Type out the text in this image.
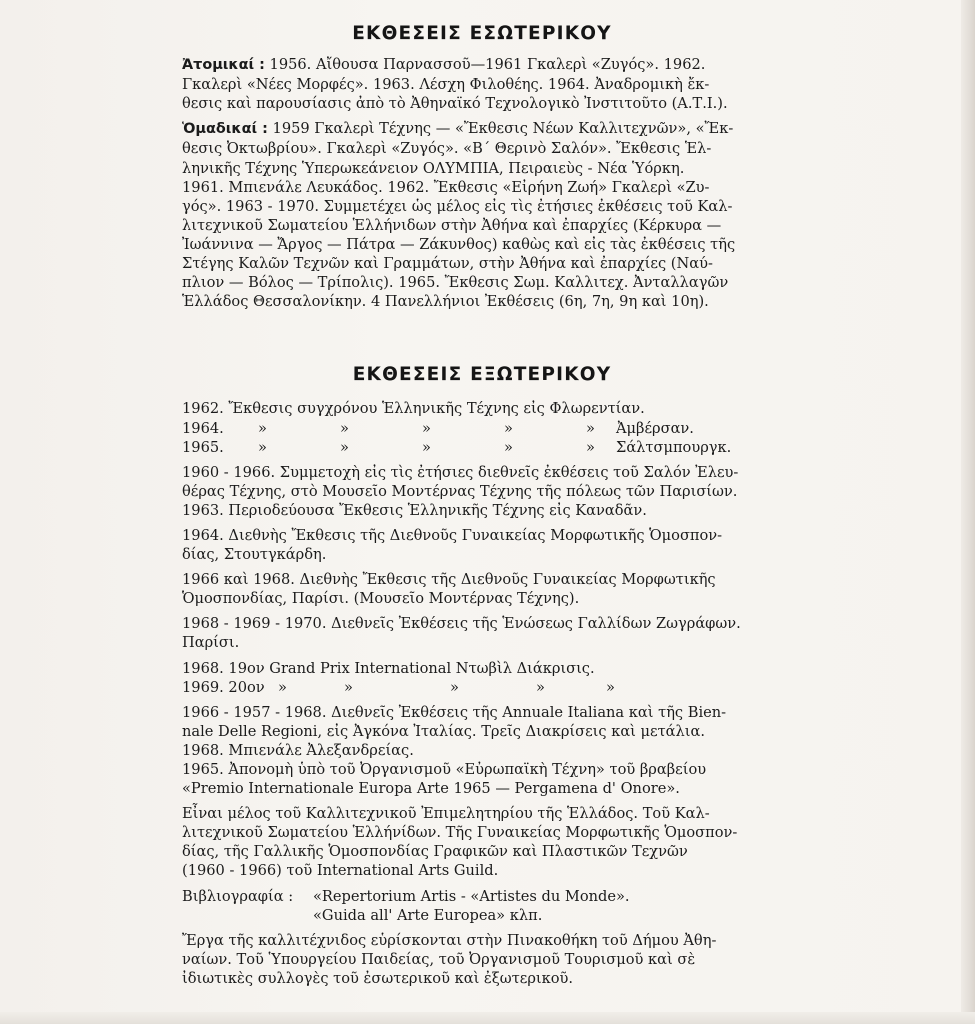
ΕΚΘΕΣΕΙΣ ΕΣΩΤΕΡΙΚΟΥ
Ἀτομικαί : 1956. Αἴθουσα Παρνασσοῦ—1961 Γκαλερὶ «Ζυγός». 1962.
Γκαλερὶ «Νέες Μορφές». 1963. Λέσχη Φιλοθέης. 1964. Ἀναδρομικὴ ἔκ-
θεσις καὶ παρουσίασις ἀπὸ τὸ Ἀθηναϊκό Τεχνολογικὸ Ἰνστιτοῦτο (Α.Τ.Ι.).
Ὁμαδικαί : 1959 Γκαλερὶ Τέχνης — «Ἔκθεσις Νέων Καλλιτεχνῶν», «Ἔκ-
θεσις Ὀκτωβρίου». Γκαλερὶ «Ζυγός». «Β΄ Θερινὸ Σαλόν». Ἔκθεσις Ἑλ-
ληνικῆς Τέχνης Ὑπερωκεάνειον ΟΛΥΜΠΙΑ, Πειραιεὺς - Νέα Ὑόρκη.
1961. Μπιενάλε Λευκάδος. 1962. Ἔκθεσις «Εἰρήνη Ζωή» Γκαλερὶ «Ζυ-
γός». 1963 - 1970. Συμμετέχει ὡς μέλος εἰς τὶς ἐτήσιες ἐκθέσεις τοῦ Καλ-
λιτεχνικοῦ Σωματείου Ἑλλήνιδων στὴν Ἀθήνα καὶ ἐπαρχίες (Κέρκυρα —
Ἰωάννινα — Ἄργος — Πάτρα — Ζάκυνθος) καθὼς καὶ εἰς τὰς ἐκθέσεις τῆς
Στέγης Καλῶν Τεχνῶν καὶ Γραμμάτων, στὴν Ἀθήνα καὶ ἐπαρχίες (Ναύ-
πλιον — Βόλος — Τρίπολις). 1965. Ἔκθεσις Σωμ. Καλλιτεχ. Ἀνταλλαγῶν
Ἑλλάδος Θεσσαλονίκην. 4 Πανελλήνιοι Ἐκθέσεις (6η, 7η, 9η καὶ 10η).
ΕΚΘΕΣΕΙΣ ΕΞΩΤΕΡΙΚΟΥ
1962. Ἔκθεσις συγχρόνου Ἑλληνικῆς Τέχνης εἰς Φλωρεντίαν.
1964.	»	»	»	»	»	Ἀμβέρσαν.
1965.	»	»	»	»	»	Σάλτσμπουργκ.
1960 - 1966. Συμμετοχὴ εἰς τὶς ἐτήσιες διεθνεῖς ἐκθέσεις τοῦ Σαλόν Ἐλευ-
θέρας Τέχνης, στὸ Μουσεῖο Μοντέρνας Τέχνης τῆς πόλεως τῶν Παρισίων.
1963. Περιοδεύουσα Ἔκθεσις Ἑλληνικῆς Τέχνης εἰς Καναδᾶν.
1964. Διεθνὴς Ἔκθεσις τῆς Διεθνοῦς Γυναικείας Μορφωτικῆς Ὁμοσπον-
δίας, Στουτγκάρδη.
1966 καὶ 1968. Διεθνὴς Ἔκθεσις τῆς Διεθνοῦς Γυναικείας Μορφωτικῆς
Ὁμοσπονδίας, Παρίσι. (Μουσεῖο Μοντέρνας Τέχνης).
1968 - 1969 - 1970. Διεθνεῖς Ἐκθέσεις τῆς Ἑνώσεως Γαλλίδων Ζωγράφων.
Παρίσι.
1968. 19ον Grand Prix International Ντωβὶλ Διάκρισις.
1969. 20ον »	»	»	»	»
1966 - 1957 - 1968. Διεθνεῖς Ἐκθέσεις τῆς Annuale Italiana καὶ τῆς Bien-
nale Delle Regioni, εἰς Ἀγκόνα Ἰταλίας. Τρεῖς Διακρίσεις καὶ μετάλια.
1968. Μπιενάλε Ἀλεξανδρείας.
1965. Ἀπονομὴ ὑπὸ τοῦ Ὀργανισμοῦ «Εὐρωπαϊκὴ Τέχνη» τοῦ βραβείου
«Premio Internationale Europa Arte 1965 — Pergamena d' Onore».
Εἶναι μέλος τοῦ Καλλιτεχνικοῦ Ἐπιμελητηρίου τῆς Ἑλλάδος. Τοῦ Καλ-
λιτεχνικοῦ Σωματείου Ἑλλήνίδων. Τῆς Γυναικείας Μορφωτικῆς Ὁμοσπον-
δίας, τῆς Γαλλικῆς Ὁμοσπονδίας Γραφικῶν καὶ Πλαστικῶν Τεχνῶν
(1960 - 1966) τοῦ International Arts Guild.
Βιβλιογραφία :	«Repertorium Artis - «Artistes du Monde».
«Guida all' Arte Europea» κλπ.
Ἔργα τῆς καλλιτέχνιδος εὑρίσκονται στὴν Πινακοθήκη τοῦ Δήμου Ἀθη-
ναίων. Τοῦ Ὑπουργείου Παιδείας, τοῦ Ὀργανισμοῦ Τουρισμοῦ καὶ σὲ
ἰδιωτικὲς συλλογὲς τοῦ ἐσωτερικοῦ καὶ ἐξωτερικοῦ.
